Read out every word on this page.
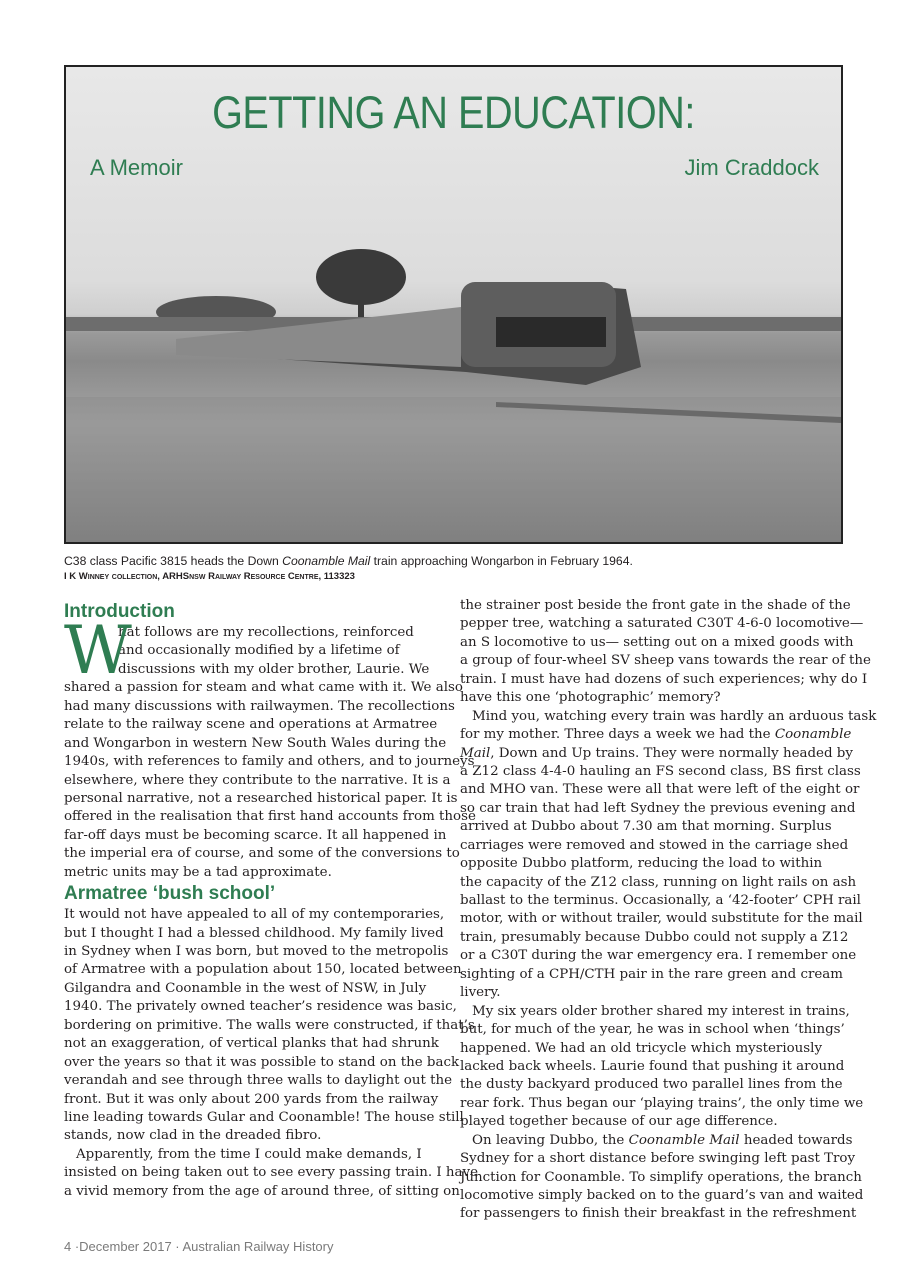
GETTING AN EDUCATION:
A Memoir	Jim Craddock
C38 class Pacific 3815 heads the Down Coonamble Mail train approaching Wongarbon in February 1964.
I K Winney collection, ARHSnsw Railway Resource Centre, 113323
Introduction
W
hat follows are my recollections, reinforced
and occasionally modified by a lifetime of
discussions with my older brother, Laurie. We
shared a passion for steam and what came with it. We also
had many discussions with railwaymen. The recollections
relate to the railway scene and operations at Armatree
and Wongarbon in western New South Wales during the
1940s, with references to family and others, and to journeys
elsewhere, where they contribute to the narrative. It is a
personal narrative, not a researched historical paper. It is
offered in the realisation that first hand accounts from those
far-off days must be becoming scarce. It all happened in
the imperial era of course, and some of the conversions to
metric units may be a tad approximate.
Armatree ‘bush school’
It would not have appealed to all of my contemporaries,
but I thought I had a blessed childhood. My family lived
in Sydney when I was born, but moved to the metropolis
of Armatree with a population about 150, located between
Gilgandra and Coonamble in the west of NSW, in July
1940. The privately owned teacher’s residence was basic,
bordering on primitive. The walls were constructed, if that’s
not an exaggeration, of vertical planks that had shrunk
over the years so that it was possible to stand on the back
verandah and see through three walls to daylight out the
front. But it was only about 200 yards from the railway
line leading towards Gular and Coonamble! The house still
stands, now clad in the dreaded fibro.
Apparently, from the time I could make demands, I
insisted on being taken out to see every passing train. I have
a vivid memory from the age of around three, of sitting on
the strainer post beside the front gate in the shade of the
pepper tree, watching a saturated C30T 4-6-0 locomotive—
an S locomotive to us— setting out on a mixed goods with
a group of four-wheel SV sheep vans towards the rear of the
train. I must have had dozens of such experiences; why do I
have this one ‘photographic’ memory?
Mind you, watching every train was hardly an arduous task
for my mother. Three days a week we had the Coonamble
Mail, Down and Up trains. They were normally headed by
a Z12 class 4-4-0 hauling an FS second class, BS first class
and MHO van. These were all that were left of the eight or
so car train that had left Sydney the previous evening and
arrived at Dubbo about 7.30 am that morning. Surplus
carriages were removed and stowed in the carriage shed
opposite Dubbo platform, reducing the load to within
the capacity of the Z12 class, running on light rails on ash
ballast to the terminus. Occasionally, a ‘42-footer’ CPH rail
motor, with or without trailer, would substitute for the mail
train, presumably because Dubbo could not supply a Z12
or a C30T during the war emergency era. I remember one
sighting of a CPH/CTH pair in the rare green and cream
livery.
My six years older brother shared my interest in trains,
but, for much of the year, he was in school when ‘things’
happened. We had an old tricycle which mysteriously
lacked back wheels. Laurie found that pushing it around
the dusty backyard produced two parallel lines from the
rear fork. Thus began our ‘playing trains’, the only time we
played together because of our age difference.
On leaving Dubbo, the Coonamble Mail headed towards
Sydney for a short distance before swinging left past Troy
Junction for Coonamble. To simplify operations, the branch
locomotive simply backed on to the guard’s van and waited
for passengers to finish their breakfast in the refreshment
4 ·December 2017 · Australian Railway History
